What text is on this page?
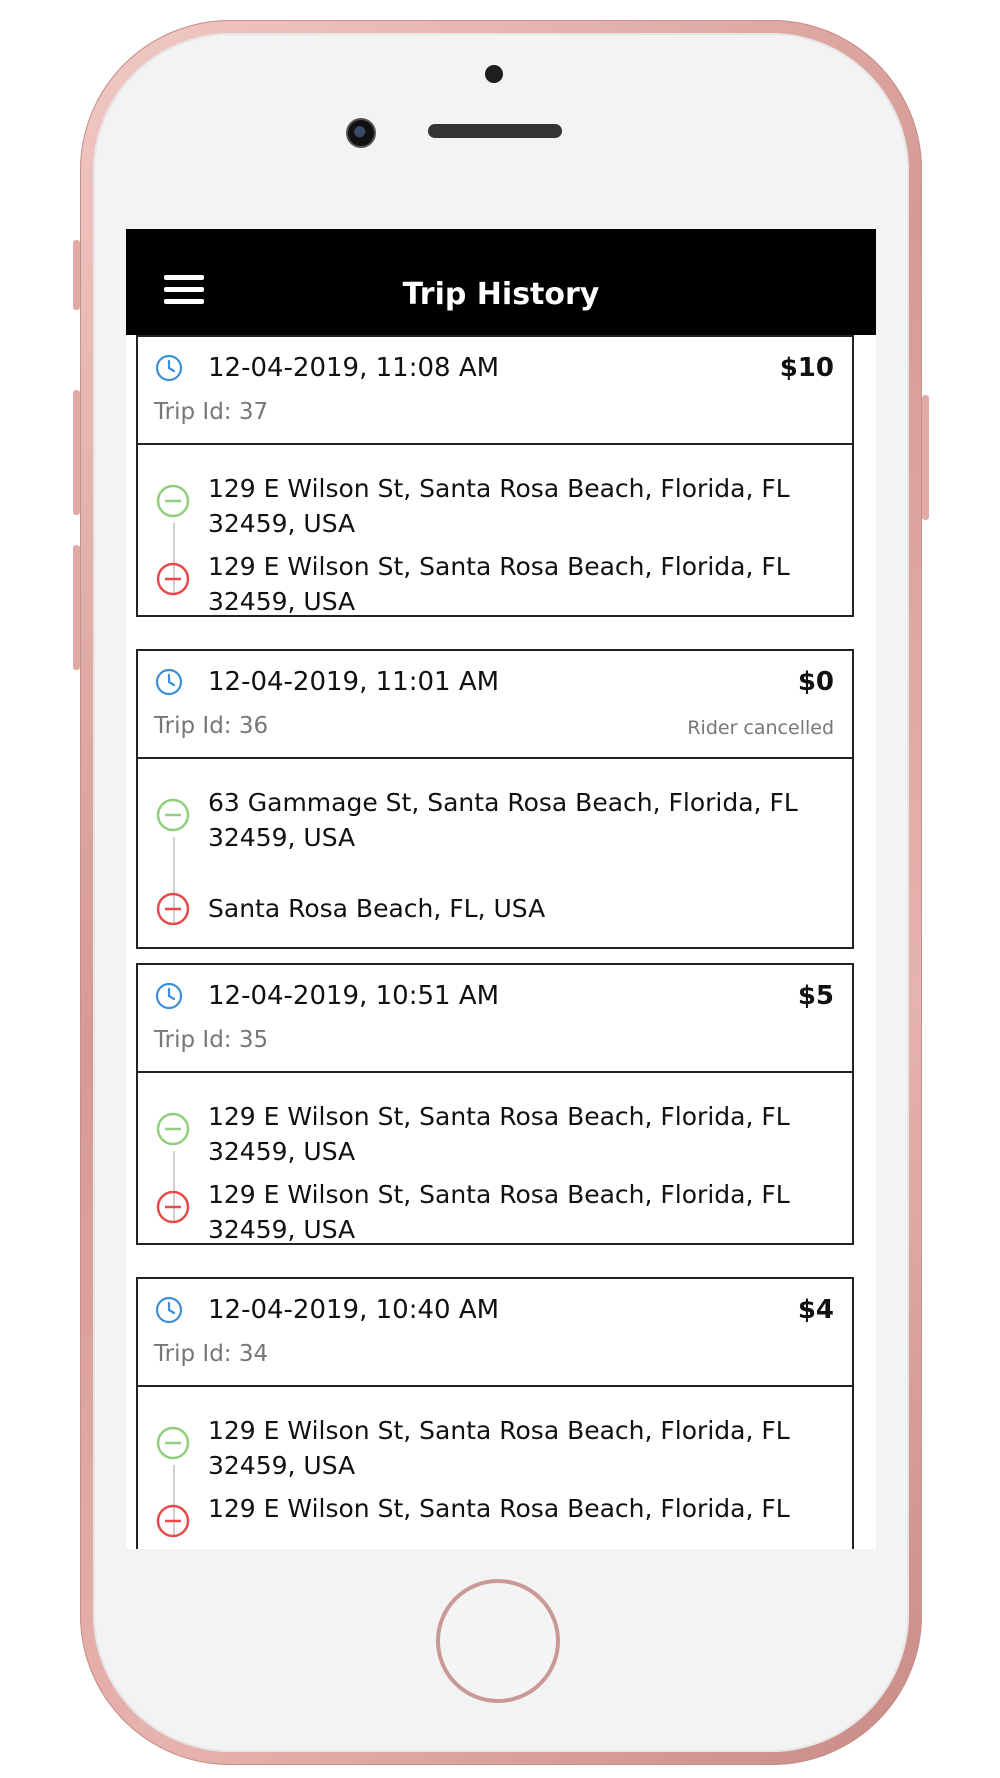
Trip History
12-04-2019, 11:08 AM	$10
Trip Id: 37
129 E Wilson St, Santa Rosa Beach, Florida, FL 32459, USA
129 E Wilson St, Santa Rosa Beach, Florida, FL 32459, USA
12-04-2019, 11:01 AM	$0
Trip Id: 36	Rider cancelled
63 Gammage St, Santa Rosa Beach, Florida, FL 32459, USA
Santa Rosa Beach, FL, USA
12-04-2019, 10:51 AM	$5
Trip Id: 35
129 E Wilson St, Santa Rosa Beach, Florida, FL 32459, USA
129 E Wilson St, Santa Rosa Beach, Florida, FL 32459, USA
12-04-2019, 10:40 AM	$4
Trip Id: 34
129 E Wilson St, Santa Rosa Beach, Florida, FL 32459, USA
129 E Wilson St, Santa Rosa Beach, Florida, FL
